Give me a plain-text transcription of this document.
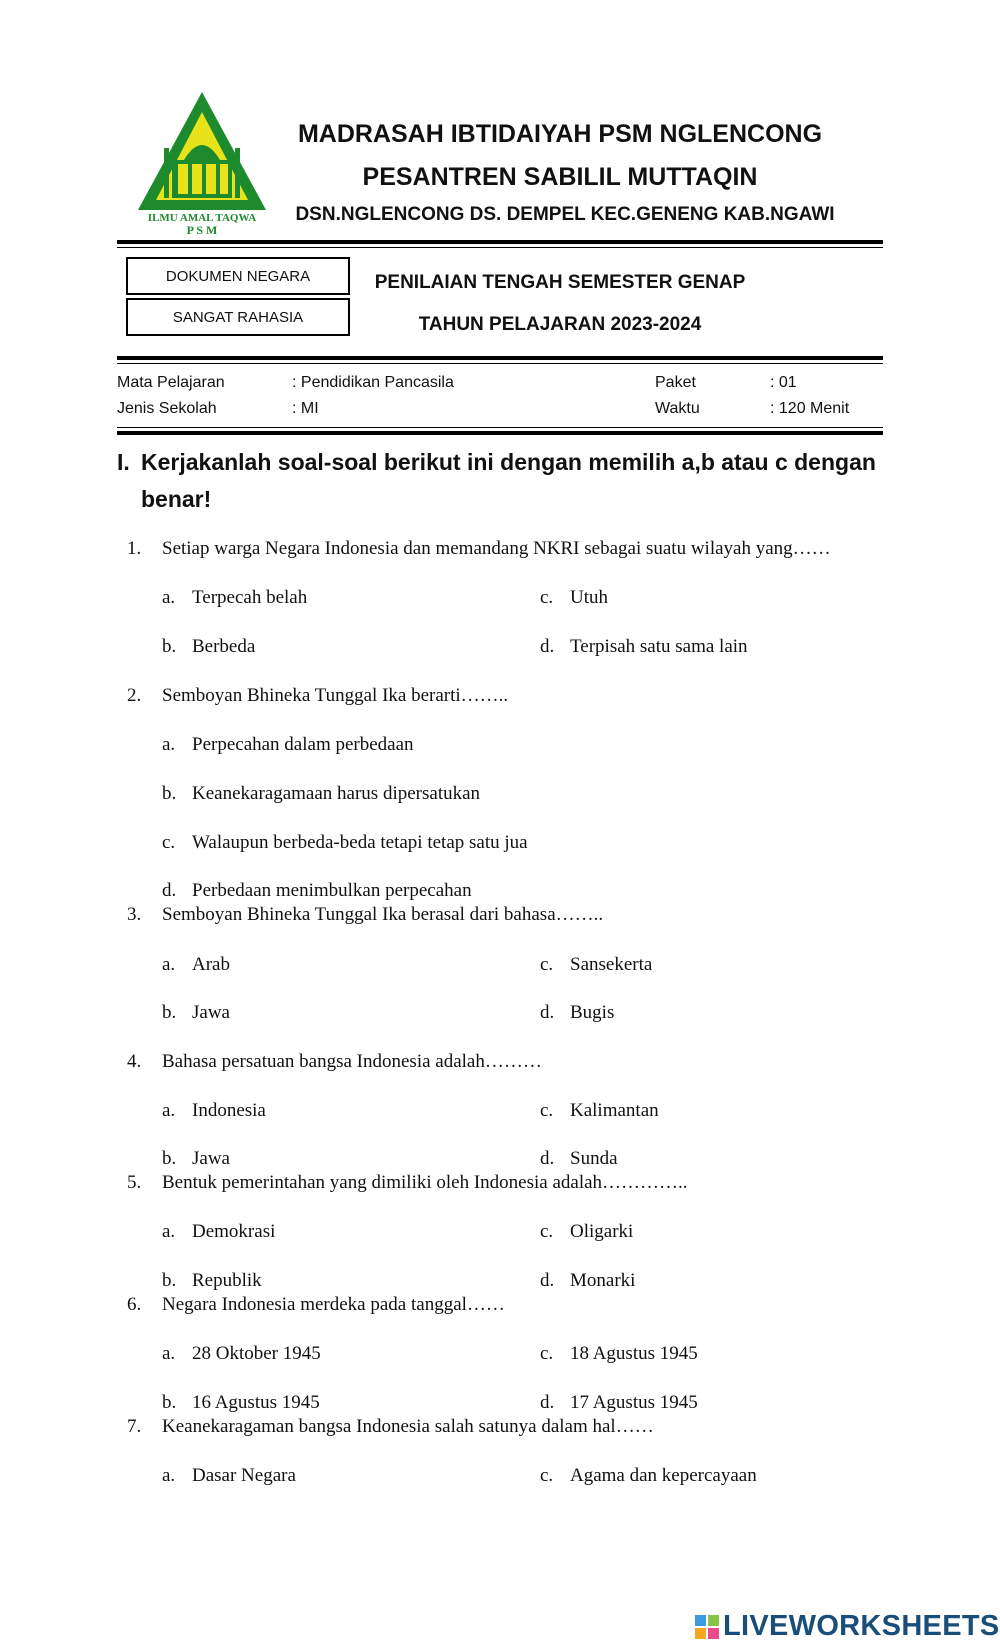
ILMU AMAL TAQWA
P S M
MADRASAH IBTIDAIYAH PSM NGLENCONG
PESANTREN SABILIL MUTTAQIN
DSN.NGLENCONG DS. DEMPEL KEC.GENENG KAB.NGAWI
DOKUMEN NEGARA
SANGAT RAHASIA
PENILAIAN TENGAH SEMESTER GENAP
TAHUN PELAJARAN 2023-2024
Mata Pelajaran	: Pendidikan Pancasila	Paket	: 01
Jenis Sekolah	: MI	Waktu	: 120 Menit
I. Kerjakanlah soal-soal berikut ini dengan memilih a,b atau c dengan benar!
1. Setiap warga Negara Indonesia dan memandang NKRI sebagai suatu wilayah yang……
a. Terpecah belah	c. Utuh
b. Berbeda	d. Terpisah satu sama lain
2. Semboyan Bhineka Tunggal Ika berarti……..
a. Perpecahan dalam perbedaan
b. Keanekaragamaan harus dipersatukan
c. Walaupun berbeda-beda tetapi tetap satu jua
d. Perbedaan menimbulkan perpecahan
3. Semboyan Bhineka Tunggal Ika berasal dari bahasa……..
a. Arab	c. Sansekerta
b. Jawa	d. Bugis
4. Bahasa persatuan bangsa Indonesia adalah………
a. Indonesia	c. Kalimantan
b. Jawa	d. Sunda
5. Bentuk pemerintahan yang dimiliki oleh Indonesia adalah…………..
a. Demokrasi	c. Oligarki
b. Republik	d. Monarki
6. Negara Indonesia merdeka pada tanggal……
a. 28 Oktober 1945	c. 18 Agustus 1945
b. 16 Agustus 1945	d. 17 Agustus 1945
7. Keanekaragaman bangsa Indonesia salah satunya dalam hal……
a. Dasar Negara	c. Agama dan kepercayaan
LIVEWORKSHEETS
